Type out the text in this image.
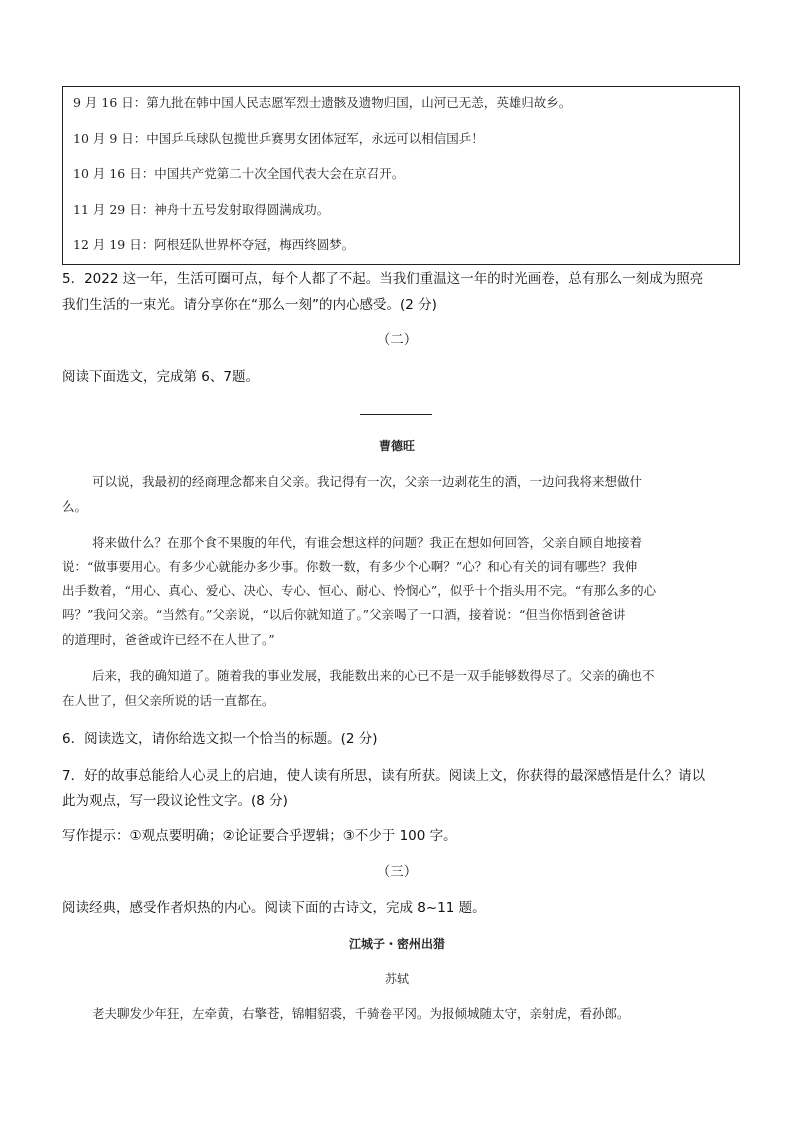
9 月 16 日：第九批在韩中国人民志愿军烈士遗骸及遗物归国，山河已无恙，英雄归故乡。
10 月 9 日：中国乒乓球队包揽世乒赛男女团体冠军，永远可以相信国乒！
10 月 16 日：中国共产党第二十次全国代表大会在京召开。
11 月 29 日：神舟十五号发射取得圆满成功。
12 月 19 日：阿根廷队世界杯夺冠，梅西终圆梦。
5．2022 这一年，生活可圈可点，每个人都了不起。当我们重温这一年的时光画卷，总有那么一刻成为照亮
我们生活的一束光。请分享你在“那么一刻”的内心感受。(2 分)
（二）
阅读下面选文，完成第 6、7题。
曹德旺
可以说，我最初的经商理念都来自父亲。我记得有一次，父亲一边剥花生的酒，一边问我将来想做什
么。
将来做什么？在那个食不果腹的年代，有谁会想这样的问题？我正在想如何回答，父亲自顾自地接着
说：“做事要用心。有多少心就能办多少事。你数一数，有多少个心啊？”心？和心有关的词有哪些？我伸
出手数着，“用心、真心、爱心、决心、专心、恒心、耐心、怜悯心”，似乎十个指头用不完。“有那么多的心
吗？”我问父亲。“当然有。”父亲说，“以后你就知道了。”父亲喝了一口酒，接着说：“但当你悟到爸爸讲
的道理时，爸爸或许已经不在人世了。”
后来，我的确知道了。随着我的事业发展，我能数出来的心已不是一双手能够数得尽了。父亲的确也不
在人世了，但父亲所说的话一直都在。
6．阅读选文，请你给选文拟一个恰当的标题。(2 分)
7．好的故事总能给人心灵上的启迪，使人读有所思，读有所获。阅读上文，你获得的最深感悟是什么？请以
此为观点，写一段议论性文字。(8 分)
写作提示：①观点要明确；②论证要合乎逻辑；③不少于 100 字。
（三）
阅读经典，感受作者炽热的内心。阅读下面的古诗文，完成 8~11 题。
江城子・密州出猎
苏轼
老夫聊发少年狂，左牵黄，右擎苍，锦帽貂裘，千骑卷平冈。为报倾城随太守，亲射虎，看孙郎。
